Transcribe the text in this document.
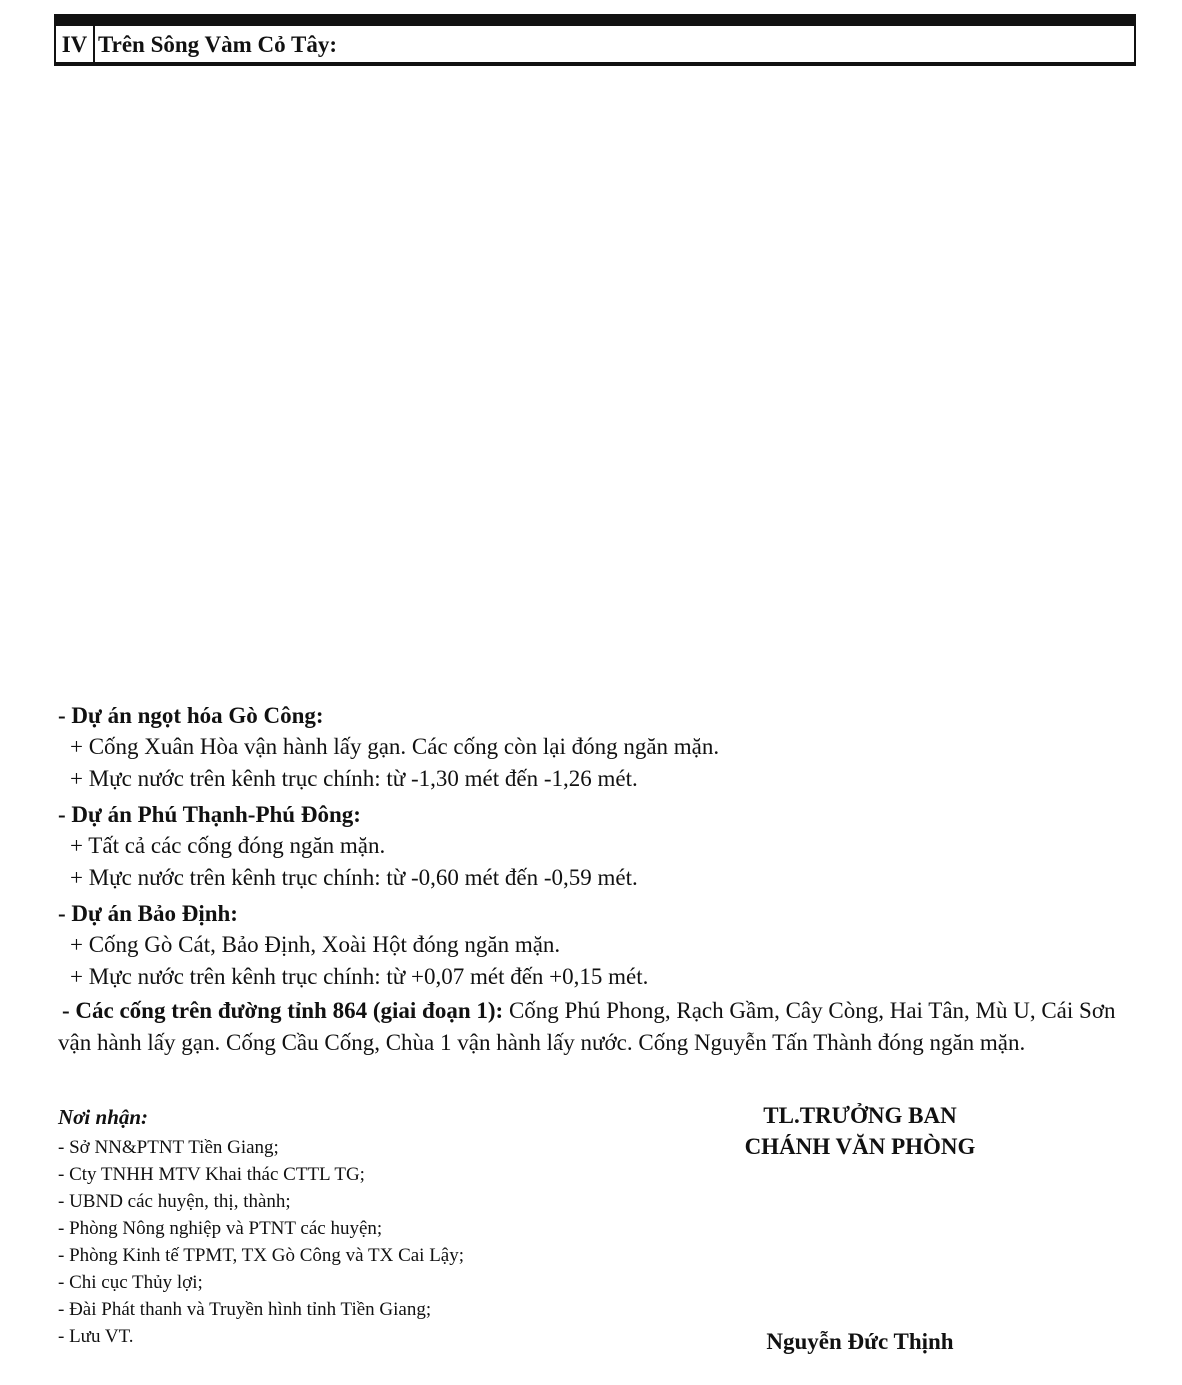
IV	Trên Sông Vàm Cỏ Tây:				

- Dự án ngọt hóa Gò Công:
+ Cống Xuân Hòa vận hành lấy gạn. Các cống còn lại đóng ngăn mặn.
+ Mực nước trên kênh trục chính: từ -1,30 mét đến -1,26 mét.
- Dự án Phú Thạnh-Phú Đông:
+ Tất cả các cống đóng ngăn mặn.
+ Mực nước trên kênh trục chính: từ -0,60 mét đến -0,59 mét.
- Dự án Bảo Định:
+ Cống Gò Cát, Bảo Định, Xoài Hột đóng ngăn mặn.
+ Mực nước trên kênh trục chính: từ +0,07 mét đến +0,15 mét.
- Các cống trên đường tỉnh 864 (giai đoạn 1): Cống Phú Phong, Rạch Gầm, Cây Còng, Hai Tân, Mù U, Cái Sơn vận hành lấy gạn. Cống Cầu Cống, Chùa 1 vận hành lấy nước. Cống Nguyễn Tấn Thành đóng ngăn mặn.
Nơi nhận:
- Sở NN&PTNT Tiền Giang;
- Cty TNHH MTV Khai thác CTTL TG;
- UBND các huyện, thị, thành;
- Phòng Nông nghiệp và PTNT các huyện;
- Phòng Kinh tế TPMT, TX Gò Công và TX Cai Lậy;
- Chi cục Thủy lợi;
- Đài Phát thanh và Truyền hình tỉnh Tiền Giang;
- Lưu VT.
TL.TRƯỞNG BAN
CHÁNH VĂN PHÒNG
Nguyễn Đức Thịnh
